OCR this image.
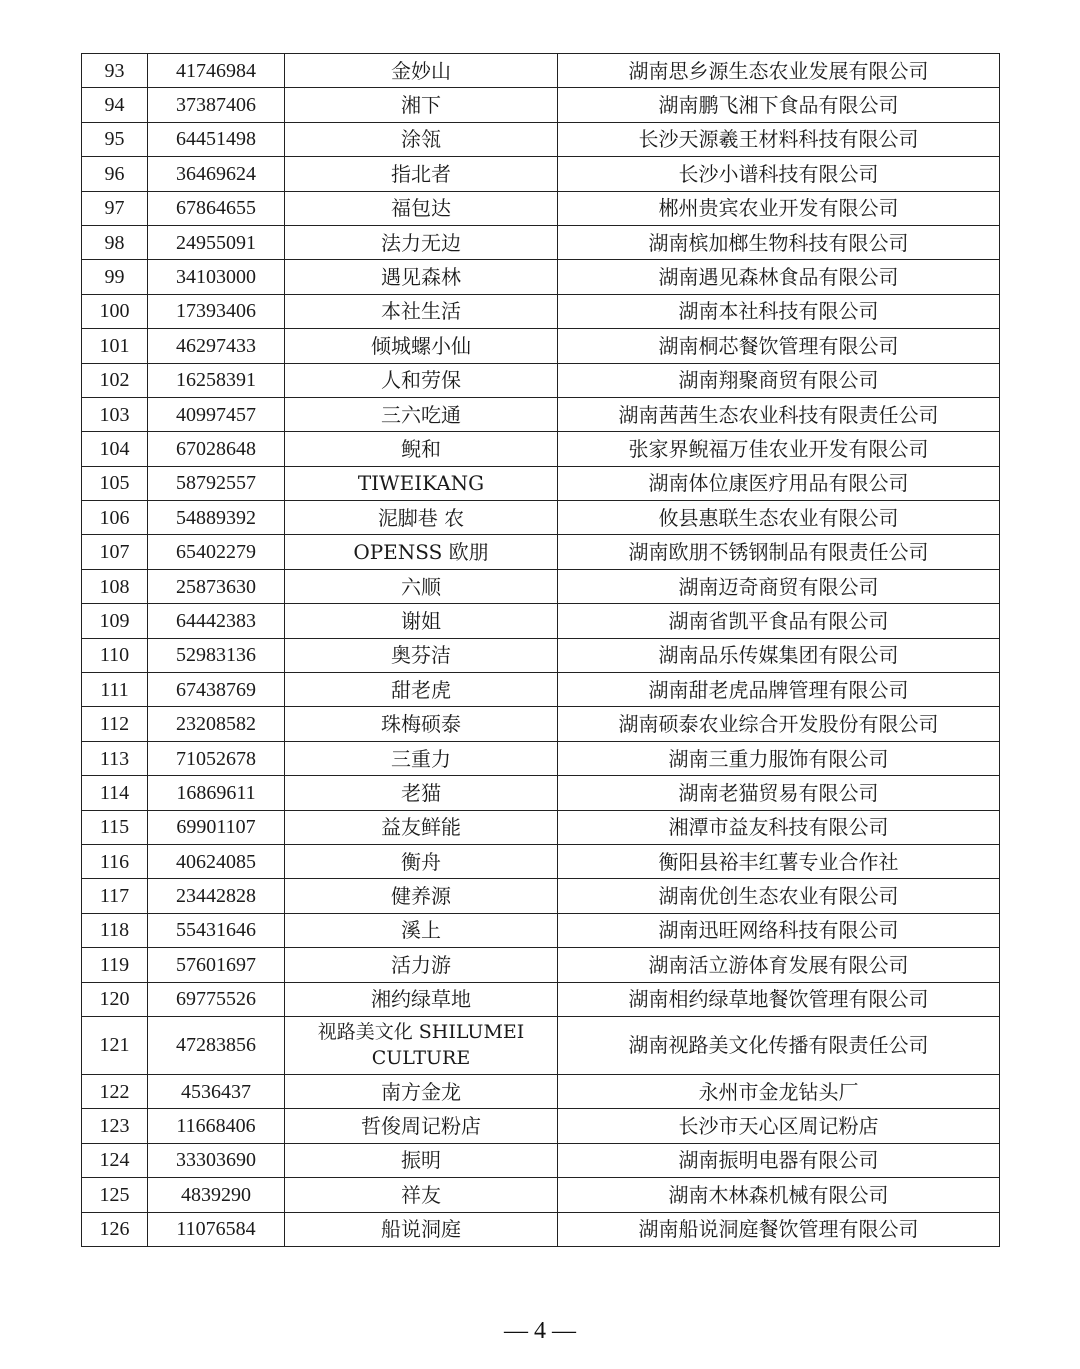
93	41746984	金妙山	湖南思乡源生态农业发展有限公司
94	37387406	湘下	湖南鹏飞湘下食品有限公司
95	64451498	涂瓴	长沙天源羲王材料科技有限公司
96	36469624	指北者	长沙小谱科技有限公司
97	67864655	福包达	郴州贵宾农业开发有限公司
98	24955091	法力无边	湖南槟加榔生物科技有限公司
99	34103000	遇见森林	湖南遇见森林食品有限公司
100	17393406	本社生活	湖南本社科技有限公司
101	46297433	倾城螺小仙	湖南桐芯餐饮管理有限公司
102	16258391	人和劳保	湖南翔聚商贸有限公司
103	40997457	三六吃通	湖南茜茜生态农业科技有限责任公司
104	67028648	鲵和	张家界鲵福万佳农业开发有限公司
105	58792557	TIWEIKANG	湖南体位康医疗用品有限公司
106	54889392	泥脚巷 农	攸县惠联生态农业有限公司
107	65402279	OPENSS 欧朋	湖南欧朋不锈钢制品有限责任公司
108	25873630	六顺	湖南迈奇商贸有限公司
109	64442383	谢姐	湖南省凯平食品有限公司
110	52983136	奥芬洁	湖南品乐传媒集团有限公司
111	67438769	甜老虎	湖南甜老虎品牌管理有限公司
112	23208582	珠梅硕泰	湖南硕泰农业综合开发股份有限公司
113	71052678	三重力	湖南三重力服饰有限公司
114	16869611	老猫	湖南老猫贸易有限公司
115	69901107	益友鲜能	湘潭市益友科技有限公司
116	40624085	衡舟	衡阳县裕丰红薯专业合作社
117	23442828	健养源	湖南优创生态农业有限公司
118	55431646	溪上	湖南迅旺网络科技有限公司
119	57601697	活力游	湖南活立游体育发展有限公司
120	69775526	湘约绿草地	湖南相约绿草地餐饮管理有限公司
121	47283856	视路美文化 SHILUMEI CULTURE	湖南视路美文化传播有限责任公司
122	4536437	南方金龙	永州市金龙钻头厂
123	11668406	哲俊周记粉店	长沙市天心区周记粉店
124	33303690	振明	湖南振明电器有限公司
125	4839290	祥友	湖南木林森机械有限公司
126	11076584	船说洞庭	湖南船说洞庭餐饮管理有限公司
— 4 —
